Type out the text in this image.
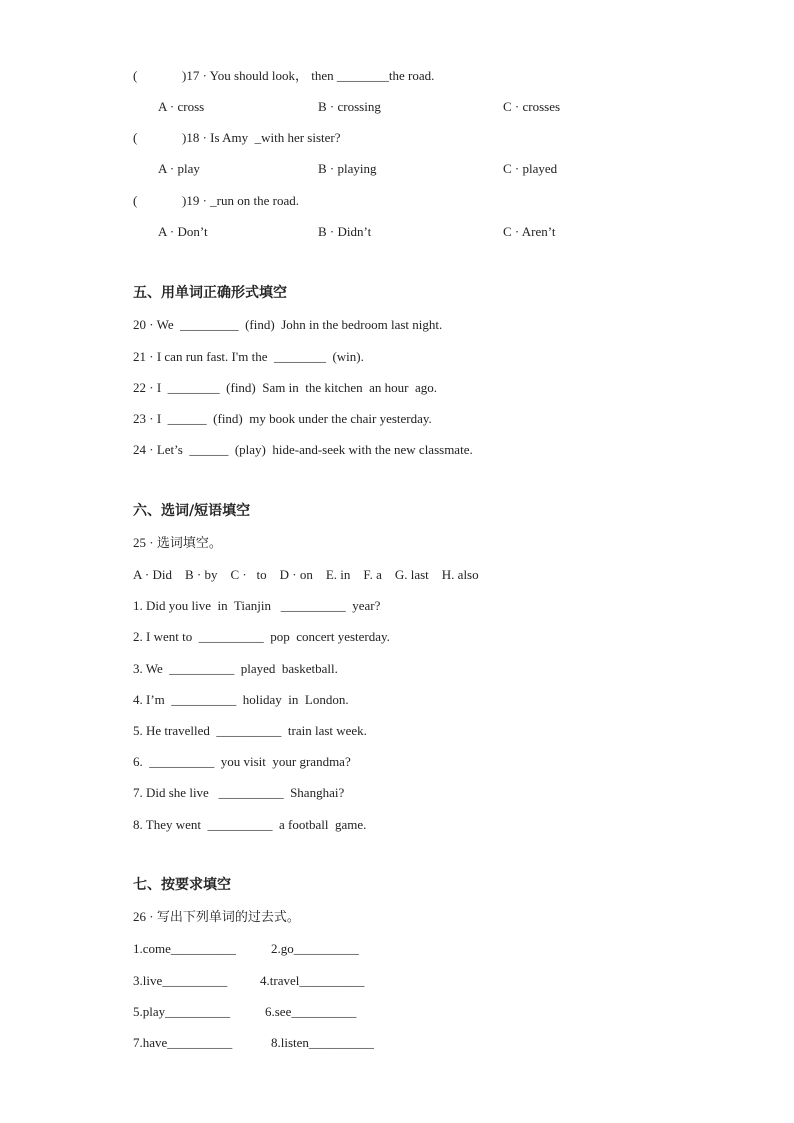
(	)17 · You should look， then ________the road.
A · cross	B · crossing	C · crosses
(	)18 · Is Amy  _with her sister?
A · play	B · playing	C · played
(	)19 · _run on the road.
A · Don’t	B · Didn’t	C · Aren’t
五、用单词正确形式填空
20 · We  _________  (find)  John in the bedroom last night.
21 · I can run fast. I'm the  ________  (win).
22 · I  ________  (find)  Sam in  the kitchen  an hour  ago.
23 · I  ______  (find)  my book under the chair yesterday.
24 · Let’s  ______  (play)  hide-and-seek with the new classmate.
六、选词/短语填空
25 · 选词填空。
A · Did    B · by    C ·   to    D · on    E. in    F. a    G. last    H. also
1. Did you live  in  Tianjin   __________  year?
2. I went to  __________  pop  concert yesterday.
3. We  __________  played  basketball.
4. I’m  __________  holiday  in  London.
5. He travelled  __________  train last week.
6.  __________  you visit  your grandma?
7. Did she live   __________  Shanghai?
8. They went  __________  a football  game.
七、按要求填空
26 · 写出下列单词的过去式。
1.come__________	2.go__________
3.live__________	4.travel__________
5.play__________	6.see__________
7.have__________	8.listen__________
